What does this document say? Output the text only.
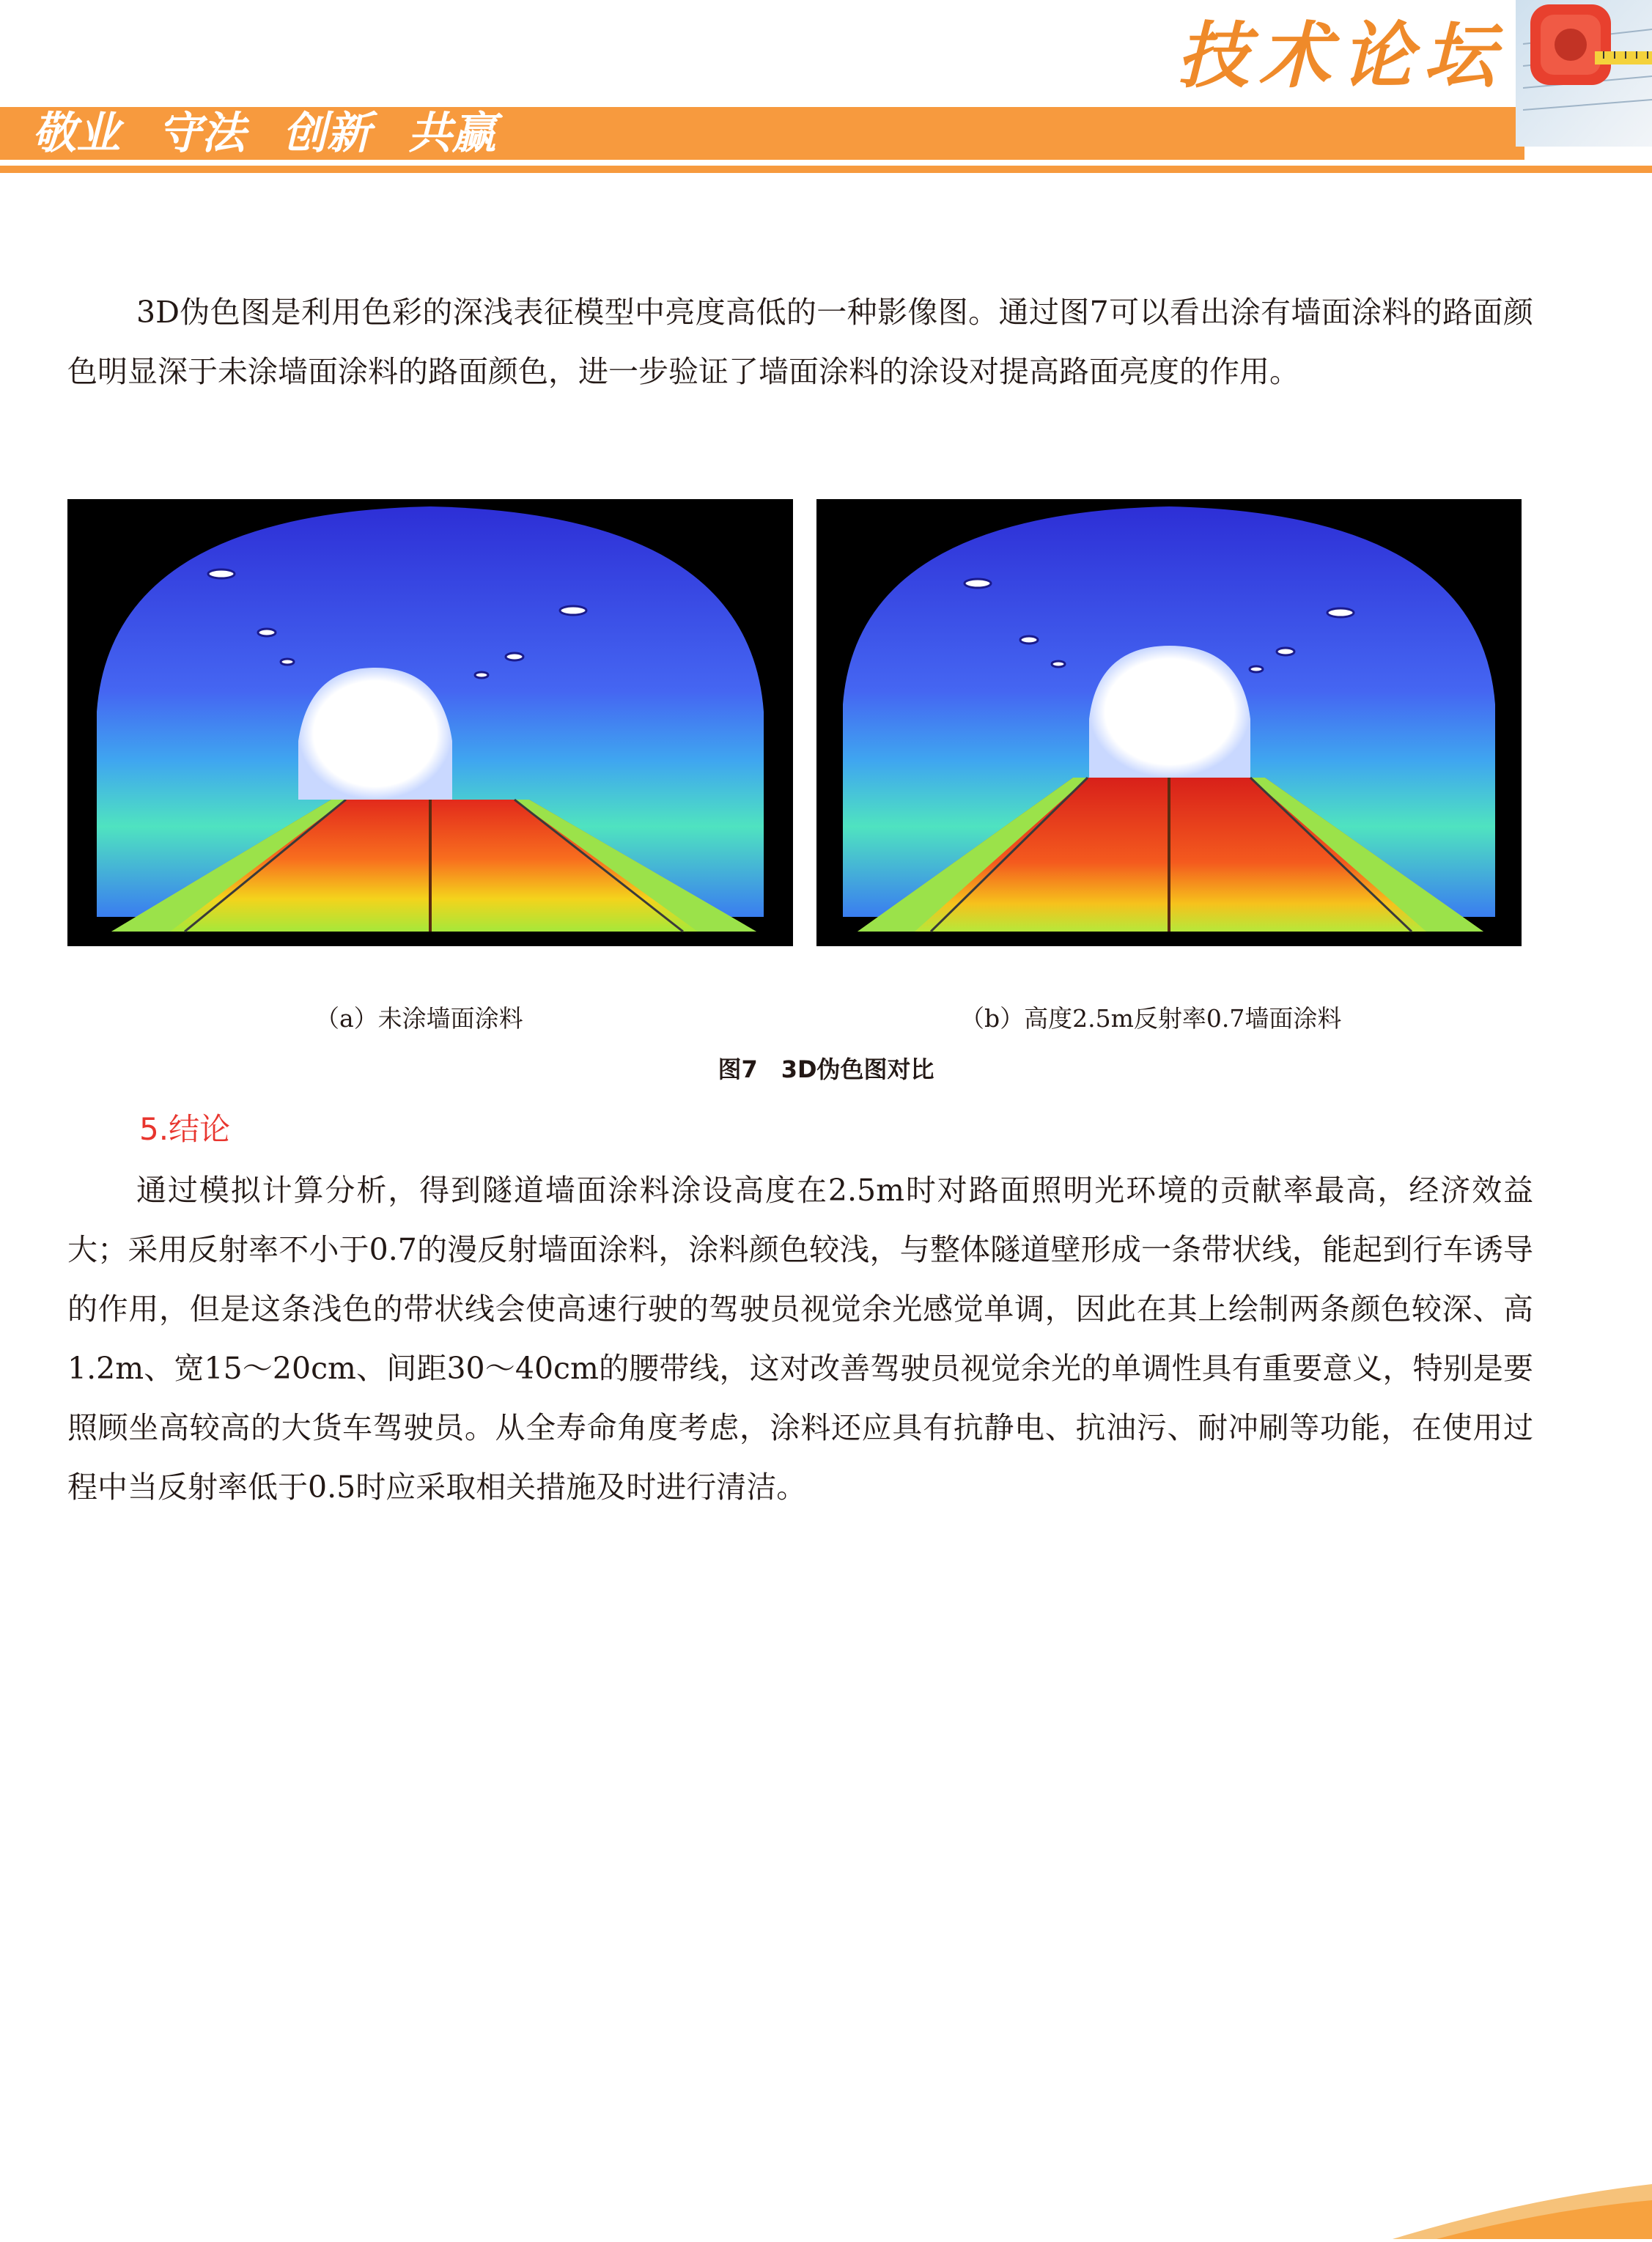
敬业 守法 创新 共赢
技术论坛
3D伪色图是利用色彩的深浅表征模型中亮度高低的一种影像图。通过图7可以看出涂有墙面涂料的路面颜色明显深于未涂墙面涂料的路面颜色，进一步验证了墙面涂料的涂设对提高路面亮度的作用。
（a）未涂墙面涂料	（b）高度2.5m反射率0.7墙面涂料
图7　3D伪色图对比
5.结论
通过模拟计算分析，得到隧道墙面涂料涂设高度在2.5m时对路面照明光环境的贡献率最高，经济效益大；采用反射率不小于0.7的漫反射墙面涂料，涂料颜色较浅，与整体隧道壁形成一条带状线，能起到行车诱导的作用，但是这条浅色的带状线会使高速行驶的驾驶员视觉余光感觉单调，因此在其上绘制两条颜色较深、高1.2m、宽15～20cm、间距30～40cm的腰带线，这对改善驾驶员视觉余光的单调性具有重要意义，特别是要照顾坐高较高的大货车驾驶员。从全寿命角度考虑，涂料还应具有抗静电、抗油污、耐冲刷等功能，在使用过程中当反射率低于0.5时应采取相关措施及时进行清洁。
